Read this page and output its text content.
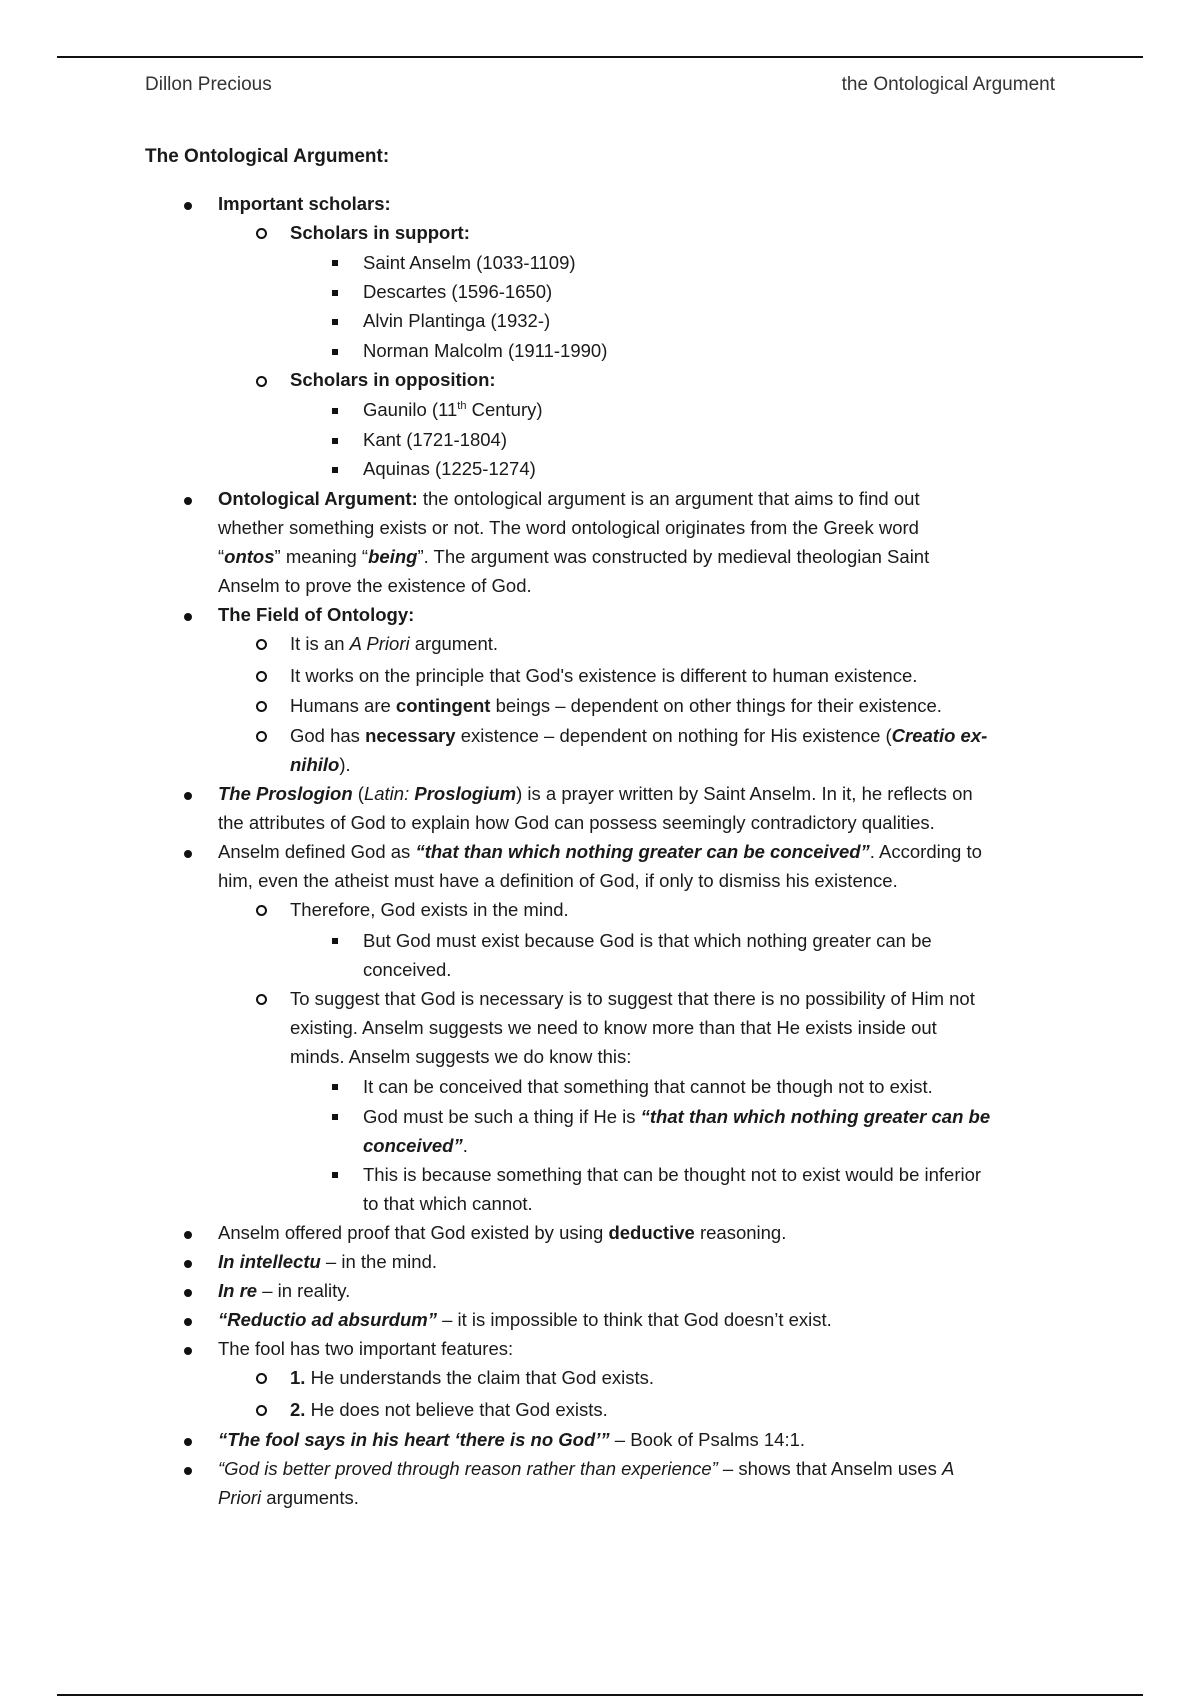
Dillon Precious	the Ontological Argument
The Ontological Argument:
Important scholars:
Scholars in support:
Saint Anselm (1033-1109)
Descartes (1596-1650)
Alvin Plantinga (1932-)
Norman Malcolm (1911-1990)
Scholars in opposition:
Gaunilo (11th Century)
Kant (1721-1804)
Aquinas (1225-1274)
Ontological Argument: the ontological argument is an argument that aims to find out
whether something exists or not. The word ontological originates from the Greek word
“ontos” meaning “being”. The argument was constructed by medieval theologian Saint
Anselm to prove the existence of God.
The Field of Ontology:
It is an A Priori argument.
It works on the principle that God's existence is different to human existence.
Humans are contingent beings – dependent on other things for their existence.
God has necessary existence – dependent on nothing for His existence (Creatio ex-
nihilo).
The Proslogion (Latin: Proslogium) is a prayer written by Saint Anselm. In it, he reflects on
the attributes of God to explain how God can possess seemingly contradictory qualities.
Anselm defined God as “that than which nothing greater can be conceived”. According to
him, even the atheist must have a definition of God, if only to dismiss his existence.
Therefore, God exists in the mind.
But God must exist because God is that which nothing greater can be
conceived.
To suggest that God is necessary is to suggest that there is no possibility of Him not
existing. Anselm suggests we need to know more than that He exists inside out
minds. Anselm suggests we do know this:
It can be conceived that something that cannot be though not to exist.
God must be such a thing if He is “that than which nothing greater can be
conceived”.
This is because something that can be thought not to exist would be inferior
to that which cannot.
Anselm offered proof that God existed by using deductive reasoning.
In intellectu – in the mind.
In re – in reality.
“Reductio ad absurdum” – it is impossible to think that God doesn’t exist.
The fool has two important features:
1. He understands the claim that God exists.
2. He does not believe that God exists.
“The fool says in his heart ‘there is no God’” – Book of Psalms 14:1.
“God is better proved through reason rather than experience” – shows that Anselm uses A
Priori arguments.
